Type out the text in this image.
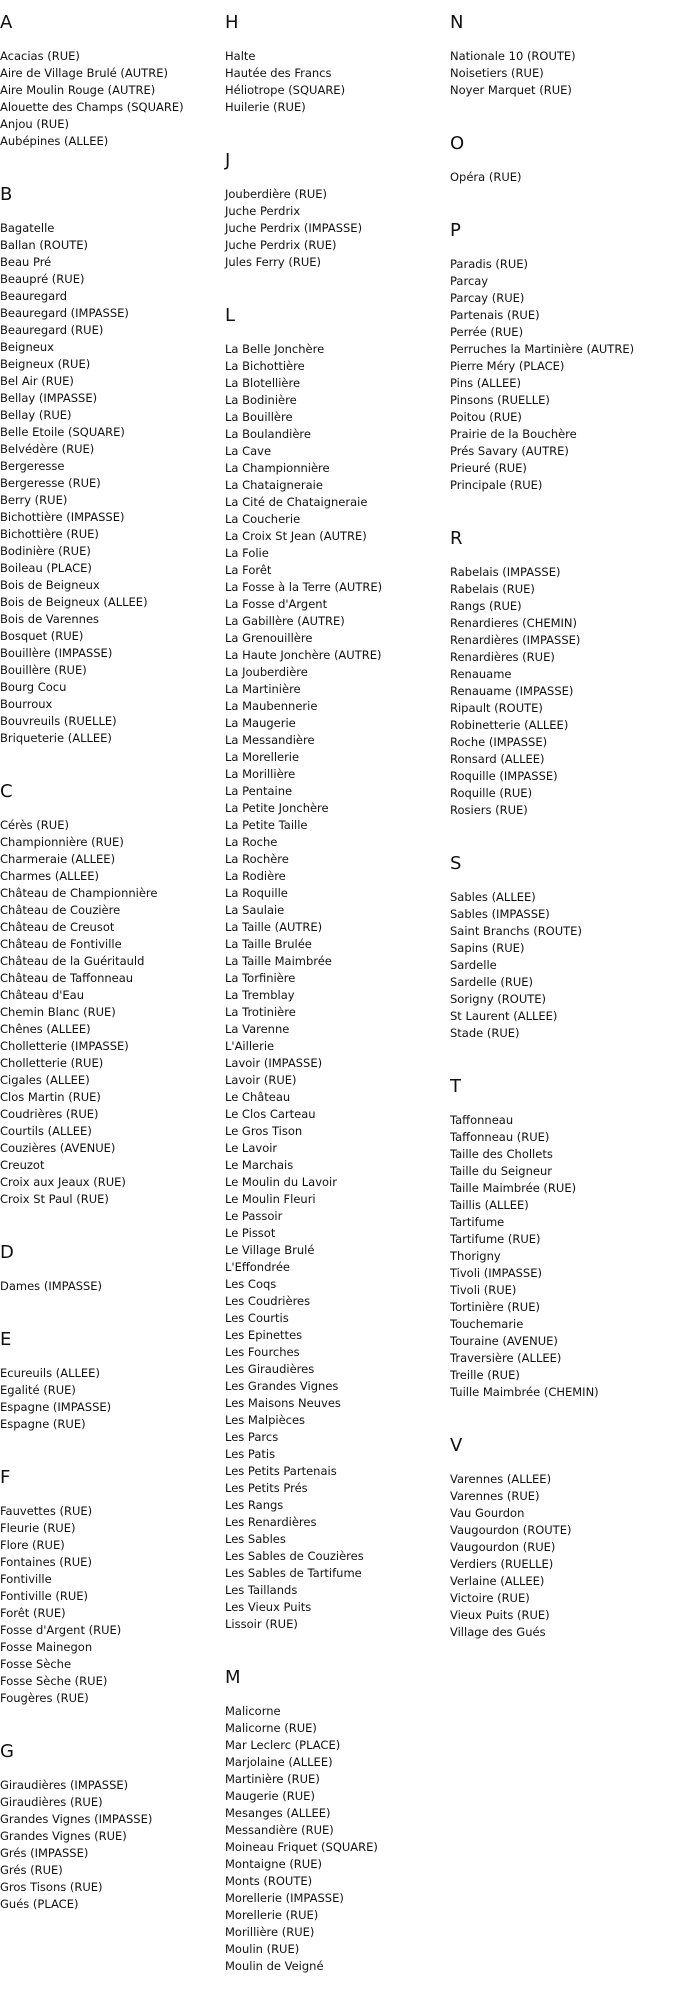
A
Acacias (RUE)
Aire de Village Brulé (AUTRE)
Aire Moulin Rouge (AUTRE)
Alouette des Champs (SQUARE)
Anjou (RUE)
Aubépines (ALLEE)
B
Bagatelle
Ballan (ROUTE)
Beau Pré
Beaupré (RUE)
Beauregard
Beauregard (IMPASSE)
Beauregard (RUE)
Beigneux
Beigneux (RUE)
Bel Air (RUE)
Bellay (IMPASSE)
Bellay (RUE)
Belle Etoile (SQUARE)
Belvédère (RUE)
Bergeresse
Bergeresse (RUE)
Berry (RUE)
Bichottière (IMPASSE)
Bichottière (RUE)
Bodinière (RUE)
Boileau (PLACE)
Bois de Beigneux
Bois de Beigneux (ALLEE)
Bois de Varennes
Bosquet (RUE)
Bouillère (IMPASSE)
Bouillère (RUE)
Bourg Cocu
Bourroux
Bouvreuils (RUELLE)
Briqueterie (ALLEE)
C
Cérès (RUE)
Championnière (RUE)
Charmeraie (ALLEE)
Charmes (ALLEE)
Château de Championnière
Château de Couzière
Château de Creusot
Château de Fontiville
Château de la Guéritauld
Château de Taffonneau
Château d'Eau
Chemin Blanc (RUE)
Chênes (ALLEE)
Cholletterie (IMPASSE)
Cholletterie (RUE)
Cigales (ALLEE)
Clos Martin (RUE)
Coudrières (RUE)
Courtils (ALLEE)
Couzières (AVENUE)
Creuzot
Croix aux Jeaux (RUE)
Croix St Paul (RUE)
D
Dames (IMPASSE)
E
Ecureuils (ALLEE)
Egalité (RUE)
Espagne (IMPASSE)
Espagne (RUE)
F
Fauvettes (RUE)
Fleurie (RUE)
Flore (RUE)
Fontaines (RUE)
Fontiville
Fontiville (RUE)
Forêt (RUE)
Fosse d'Argent (RUE)
Fosse Mainegon
Fosse Sèche
Fosse Sèche (RUE)
Fougères (RUE)
G
Giraudières (IMPASSE)
Giraudières (RUE)
Grandes Vignes (IMPASSE)
Grandes Vignes (RUE)
Grés (IMPASSE)
Grés (RUE)
Gros Tisons (RUE)
Gués (PLACE)
H
Halte
Hautée des Francs
Héliotrope (SQUARE)
Huilerie (RUE)
J
Jouberdière (RUE)
Juche Perdrix
Juche Perdrix (IMPASSE)
Juche Perdrix (RUE)
Jules Ferry (RUE)
L
La Belle Jonchère
La Bichottière
La Blotellière
La Bodinière
La Bouillère
La Boulandière
La Cave
La Championnière
La Chataigneraie
La Cité de Chataigneraie
La Coucherie
La Croix St Jean (AUTRE)
La Folie
La Forêt
La Fosse à la Terre (AUTRE)
La Fosse d'Argent
La Gabillère (AUTRE)
La Grenouillère
La Haute Jonchère (AUTRE)
La Jouberdière
La Martinière
La Maubennerie
La Maugerie
La Messandière
La Morellerie
La Morillière
La Pentaine
La Petite Jonchère
La Petite Taille
La Roche
La Rochère
La Rodière
La Roquille
La Saulaie
La Taille (AUTRE)
La Taille Brulée
La Taille Maimbrée
La Torfinière
La Tremblay
La Trotinière
La Varenne
L'Aillerie
Lavoir (IMPASSE)
Lavoir (RUE)
Le Château
Le Clos Carteau
Le Gros Tison
Le Lavoir
Le Marchais
Le Moulin du Lavoir
Le Moulin Fleuri
Le Passoir
Le Pissot
Le Village Brulé
L'Effondrée
Les Coqs
Les Coudrières
Les Courtis
Les Epinettes
Les Fourches
Les Giraudières
Les Grandes Vignes
Les Maisons Neuves
Les Malpièces
Les Parcs
Les Patis
Les Petits Partenais
Les Petits Prés
Les Rangs
Les Renardières
Les Sables
Les Sables de Couzières
Les Sables de Tartifume
Les Taillands
Les Vieux Puits
Lissoir (RUE)
M
Malicorne
Malicorne (RUE)
Mar Leclerc (PLACE)
Marjolaine (ALLEE)
Martinière (RUE)
Maugerie (RUE)
Mesanges (ALLEE)
Messandière (RUE)
Moineau Friquet (SQUARE)
Montaigne (RUE)
Monts (ROUTE)
Morellerie (IMPASSE)
Morellerie (RUE)
Morillière (RUE)
Moulin (RUE)
Moulin de Veigné
N
Nationale 10 (ROUTE)
Noisetiers (RUE)
Noyer Marquet (RUE)
O
Opéra (RUE)
P
Paradis (RUE)
Parcay
Parcay (RUE)
Partenais (RUE)
Perrée (RUE)
Perruches la Martinière (AUTRE)
Pierre Méry (PLACE)
Pins (ALLEE)
Pinsons (RUELLE)
Poitou (RUE)
Prairie de la Bouchère
Prés Savary (AUTRE)
Prieuré (RUE)
Principale (RUE)
R
Rabelais (IMPASSE)
Rabelais (RUE)
Rangs (RUE)
Renardieres (CHEMIN)
Renardières (IMPASSE)
Renardières (RUE)
Renauame
Renauame (IMPASSE)
Ripault (ROUTE)
Robinetterie (ALLEE)
Roche (IMPASSE)
Ronsard (ALLEE)
Roquille (IMPASSE)
Roquille (RUE)
Rosiers (RUE)
S
Sables (ALLEE)
Sables (IMPASSE)
Saint Branchs (ROUTE)
Sapins (RUE)
Sardelle
Sardelle (RUE)
Sorigny (ROUTE)
St Laurent (ALLEE)
Stade (RUE)
T
Taffonneau
Taffonneau (RUE)
Taille des Chollets
Taille du Seigneur
Taille Maimbrée (RUE)
Taillis (ALLEE)
Tartifume
Tartifume (RUE)
Thorigny
Tivoli (IMPASSE)
Tivoli (RUE)
Tortinière (RUE)
Touchemarie
Touraine (AVENUE)
Traversière (ALLEE)
Treille (RUE)
Tuille Maimbrée (CHEMIN)
V
Varennes (ALLEE)
Varennes (RUE)
Vau Gourdon
Vaugourdon (ROUTE)
Vaugourdon (RUE)
Verdiers (RUELLE)
Verlaine (ALLEE)
Victoire (RUE)
Vieux Puits (RUE)
Village des Gués
